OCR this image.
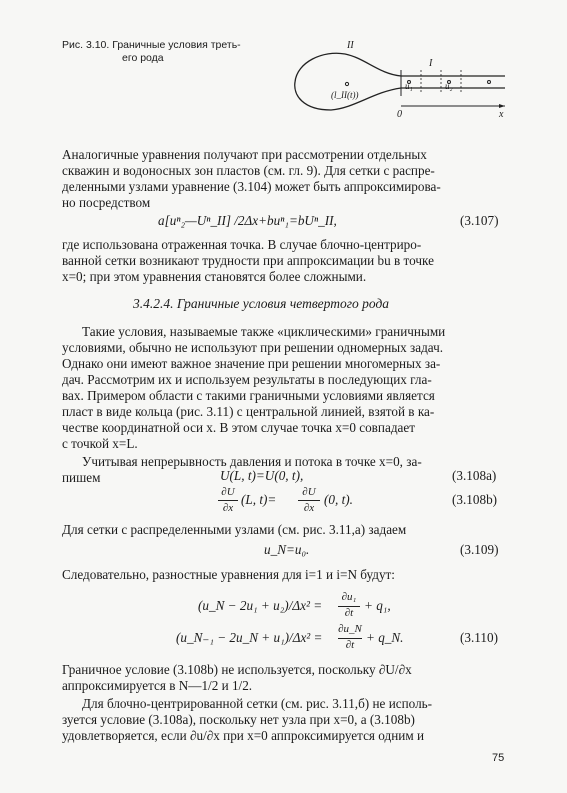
Рис. 3.10. Граничные условия треть-
его рода
II
I
(l_II(t))
u₁	u₂
0	x
Аналогичные уравнения получают при рассмотрении отдельных
скважин и водоносных зон пластов (см. гл. 9). Для сетки с распре-
деленными узлами уравнение (3.104) может быть аппроксимирова-
но посредством
a[uⁿ₂—Uⁿ_II] /2Δx+buⁿ₁=bUⁿ_II,	(3.107)
где использована отраженная точка. В случае блочно-центриро-
ванной сетки возникают трудности при аппроксимации bu в точке
x=0; при этом уравнения становятся более сложными.
3.4.2.4. Граничные условия четвертого рода
Такие условия, называемые также «циклическими» граничными
условиями, обычно не используют при решении одномерных задач.
Однако они имеют важное значение при решении многомерных за-
дач. Рассмотрим их и используем результаты в последующих гла-
вах. Примером области с такими граничными условиями является
пласт в виде кольца (рис. 3.11) с центральной линией, взятой в ка-
честве координатной оси x. В этом случае точка x=0 совпадает
с точкой x=L.
Учитывая непрерывность давления и потока в точке x=0, за-
пишем	U(L, t)=U(0, t),	(3.108a)
∂U
∂x
(L, t)=	∂U
∂x
(0, t).	(3.108b)
Для сетки с распределенными узлами (см. рис. 3.11,a) задаем
u_N=u₀.	(3.109)
Следовательно, разностные уравнения для i=1 и i=N будут:
(u_N − 2u₁ + u₂)/Δx² =
∂u₁
∂t + q₁,
(u_N₋₁ − 2u_N + u₁)/Δx² =
∂u_N
∂t + q_N.	(3.110)
Граничное условие (3.108b) не используется, поскольку ∂U/∂x
аппроксимируется в N—1/2 и 1/2.
Для блочно-центрированной сетки (см. рис. 3.11,б) не исполь-
зуется условие (3.108a), поскольку нет узла при x=0, а (3.108b)
удовлетворяется, если ∂u/∂x при x=0 аппроксимируется одним и
75
